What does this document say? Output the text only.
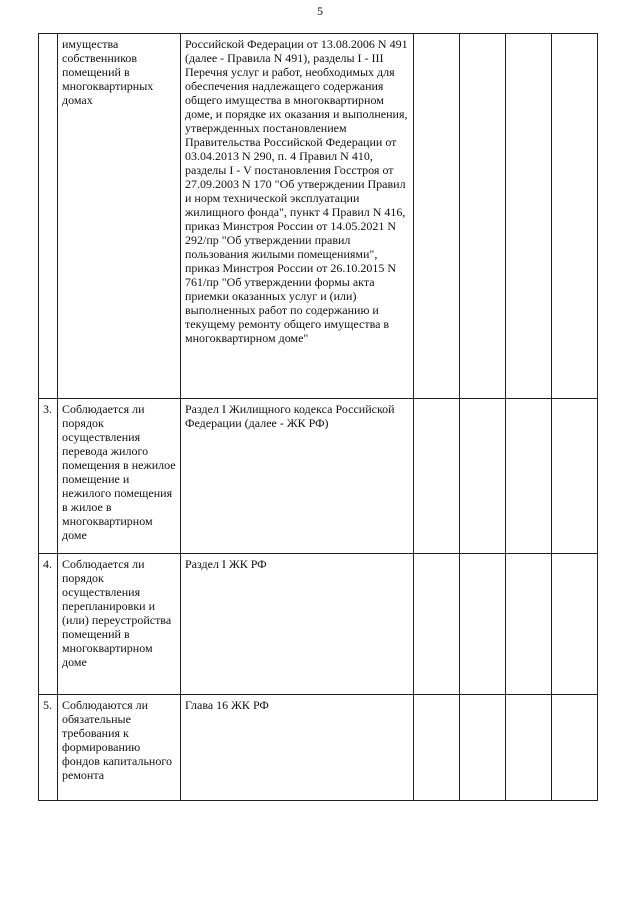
5
	имущества собственников помещений в многоквартирных домах	Российской Федерации от 13.08.2006 N 491 (далее - Правила N 491), разделы I - III Перечня услуг и работ, необходимых для обеспечения надлежащего содержания общего имущества в многоквартирном доме, и порядке их оказания и выполнения, утвержденных постановлением Правительства Российской Федерации от 03.04.2013 N 290, п. 4 Правил N 410, разделы I - V постановления Госстроя от 27.09.2003 N 170 "Об утверждении Правил и норм технической эксплуатации жилищного фонда", пункт 4 Правил N 416, приказ Минстроя России от 14.05.2021 N 292/пр "Об утверждении правил пользования жилыми помещениями", приказ Минстроя России от 26.10.2015 N 761/пр "Об утверждении формы акта приемки оказанных услуг и (или) выполненных работ по содержанию и текущему ремонту общего имущества в многоквартирном доме"				
3.	Соблюдается ли порядок осуществления перевода жилого помещения в нежилое помещение и нежилого помещения в жилое в многоквартирном доме	Раздел I Жилищного кодекса Российской Федерации (далее - ЖК РФ)				
4.	Соблюдается ли порядок осуществления перепланировки и (или) переустройства помещений в многоквартирном доме	Раздел I ЖК РФ				
5.	Соблюдаются ли обязательные требования к формированию фондов капитального ремонта	Глава 16 ЖК РФ				
